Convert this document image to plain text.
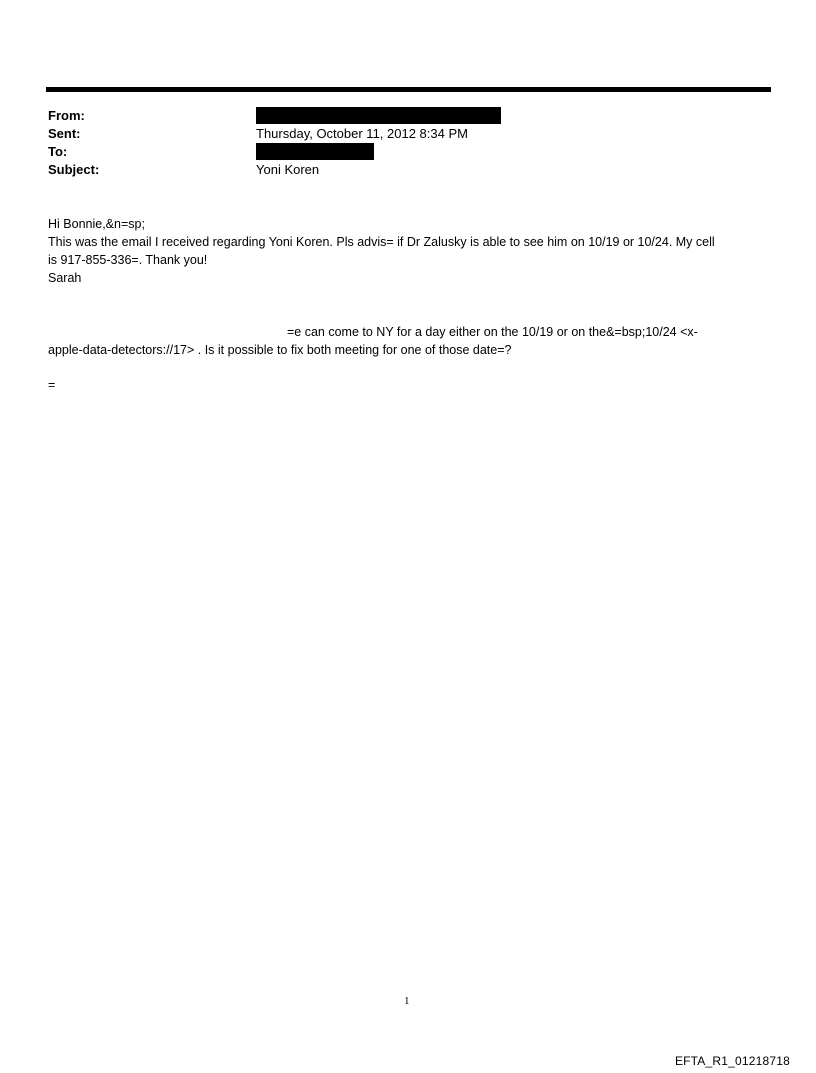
From:
Sent:	Thursday, October 11, 2012 8:34 PM
To:
Subject:	Yoni Koren
Hi Bonnie,&n=sp;
This was the email I received regarding Yoni Koren. Pls advis= if Dr Zalusky is able to see him on 10/19 or 10/24. My cell
is 917-855-336=. Thank you!
Sarah
=e can come to NY for a day either on the 10/19 or on the&=bsp;10/24 <x-
apple-data-detectors://17> . Is it possible to fix both meeting for one of those date=?
=
1
EFTA_R1_01218718
